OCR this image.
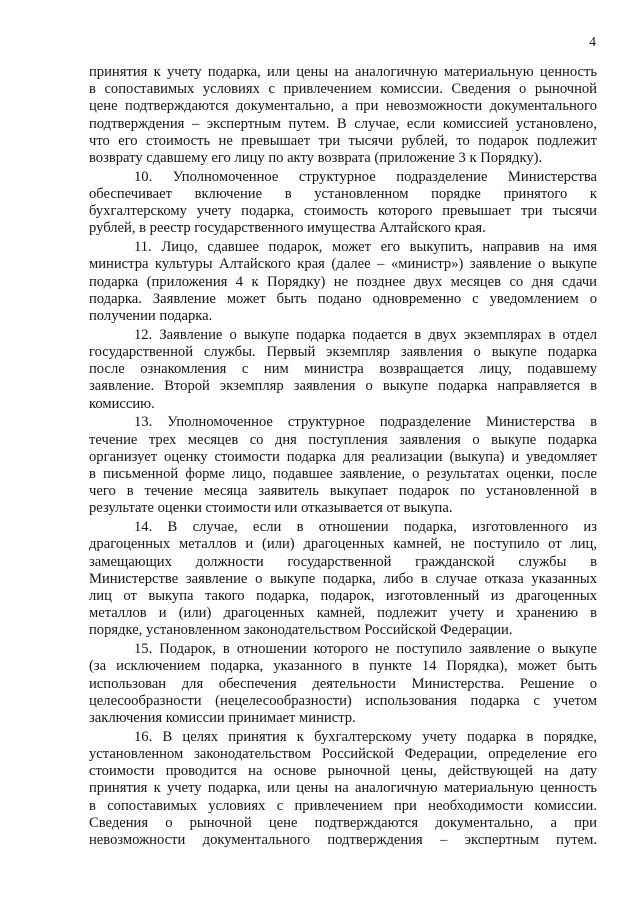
4
принятия к учету подарка, или цены на аналогичную материальную ценность
в сопоставимых условиях с привлечением комиссии. Сведения о рыночной
цене подтверждаются документально, а при невозможности документального
подтверждения – экспертным путем. В случае, если комиссией установлено,
что его стоимость не превышает три тысячи рублей, то подарок подлежит
возврату сдавшему его лицу по акту возврата (приложение 3 к Порядку).
10. Уполномоченное структурное подразделение Министерства
обеспечивает включение в установленном порядке принятого к
бухгалтерскому учету подарка, стоимость которого превышает три тысячи
рублей, в реестр государственного имущества Алтайского края.
11. Лицо, сдавшее подарок, может его выкупить, направив на имя
министра культуры Алтайского края (далее – «министр») заявление о выкупе
подарка (приложения 4 к Порядку) не позднее двух месяцев со дня сдачи
подарка. Заявление может быть подано одновременно с уведомлением о
получении подарка.
12. Заявление о выкупе подарка подается в двух экземплярах в отдел
государственной службы. Первый экземпляр заявления о выкупе подарка
после ознакомления с ним министра возвращается лицу, подавшему
заявление. Второй экземпляр заявления о выкупе подарка направляется в
комиссию.
13. Уполномоченное структурное подразделение Министерства в
течение трех месяцев со дня поступления заявления о выкупе подарка
организует оценку стоимости подарка для реализации (выкупа) и уведомляет
в письменной форме лицо, подавшее заявление, о результатах оценки, после
чего в течение месяца заявитель выкупает подарок по установленной в
результате оценки стоимости или отказывается от выкупа.
14. В случае, если в отношении подарка, изготовленного из
драгоценных металлов и (или) драгоценных камней, не поступило от лиц,
замещающих должности государственной гражданской службы в
Министерстве заявление о выкупе подарка, либо в случае отказа указанных
лиц от выкупа такого подарка, подарок, изготовленный из драгоценных
металлов и (или) драгоценных камней, подлежит учету и хранению в
порядке, установленном законодательством Российской Федерации.
15. Подарок, в отношении которого не поступило заявление о выкупе
(за исключением подарка, указанного в пункте 14 Порядка), может быть
использован для обеспечения деятельности Министерства. Решение о
целесообразности (нецелесообразности) использования подарка с учетом
заключения комиссии принимает министр.
16. В целях принятия к бухгалтерскому учету подарка в порядке,
установленном законодательством Российской Федерации, определение его
стоимости проводится на основе рыночной цены, действующей на дату
принятия к учету подарка, или цены на аналогичную материальную ценность
в сопоставимых условиях с привлечением при необходимости комиссии.
Сведения о рыночной цене подтверждаются документально, а при
невозможности документального подтверждения – экспертным путем.
